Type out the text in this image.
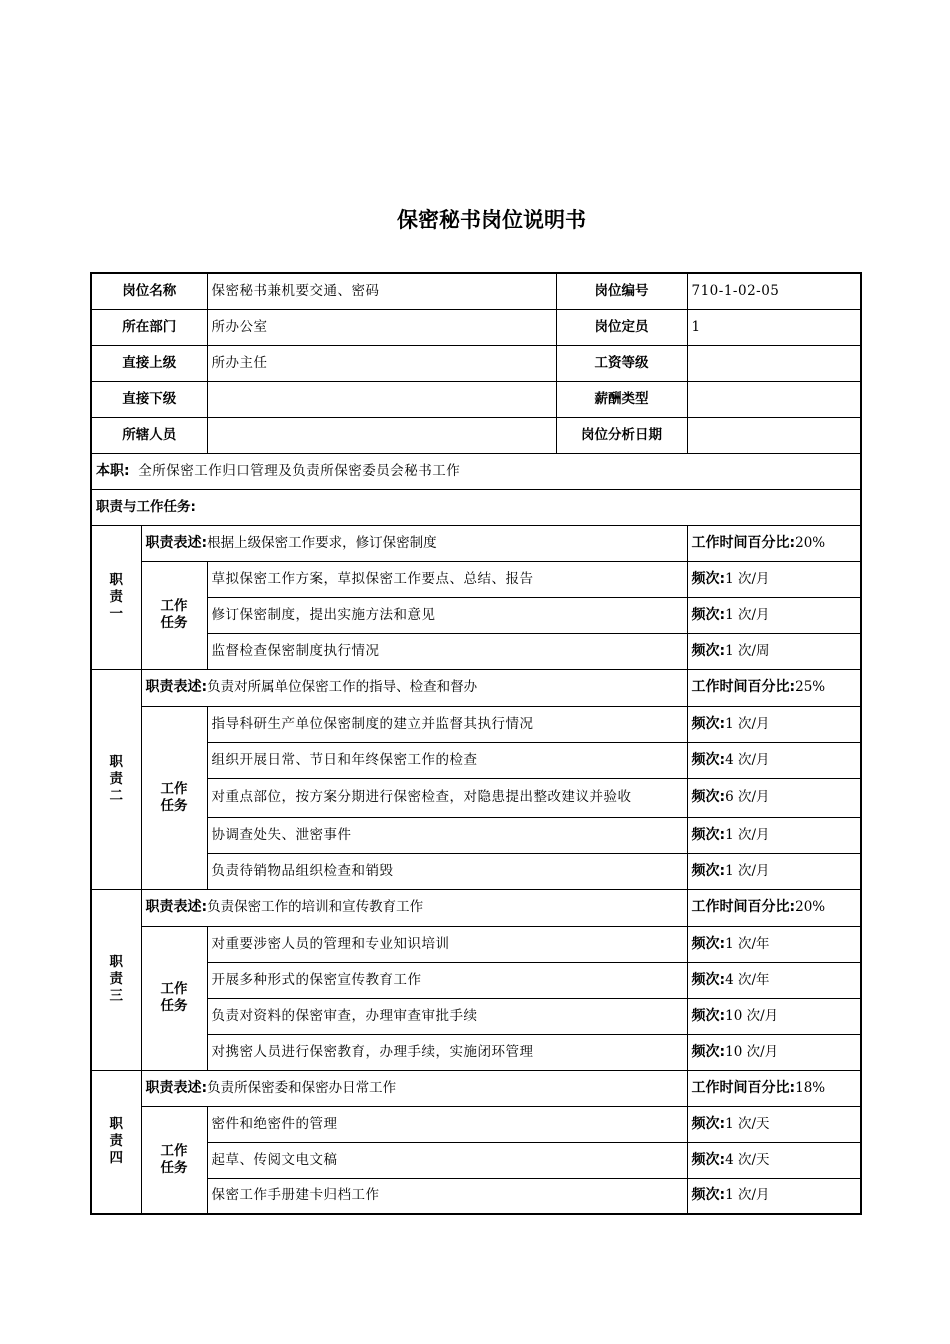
保密秘书岗位说明书
岗位名称		保密秘书兼机要交通、密码	岗位编号	710-1-02-05
所在部门		所办公室	岗位定员	1
直接上级		所办主任	工资等级	
直接下级			薪酬类型	
所辖人员			岗位分析日期	
本职: 全所保密工作归口管理及负责所保密委员会秘书工作				
职责与工作任务:				

职
责
一	职责表述:根据上级保密工作要求，修订保密制度			工作时间百分比:20%

	工作
任务	草拟保密工作方案，草拟保密工作要点、总结、报告		频次:1 次/月
		修订保密制度，提出实施方法和意见		频次:1 次/月
		监督检查保密制度执行情况		频次:1 次/周

职
责
二	职责表述:负责对所属单位保密工作的指导、检查和督办			工作时间百分比:25%

	工作
任务	指导科研生产单位保密制度的建立并监督其执行情况		频次:1 次/月
		组织开展日常、节日和年终保密工作的检查		频次:4 次/月
		对重点部位，按方案分期进行保密检查，对隐患提出整改建议并验收		频次:6 次/月
		协调查处失、泄密事件		频次:1 次/月
		负责待销物品组织检查和销毁		频次:1 次/月

职
责
三	职责表述:负责保密工作的培训和宣传教育工作			工作时间百分比:20%

	工作
任务	对重要涉密人员的管理和专业知识培训		频次:1 次/年
		开展多种形式的保密宣传教育工作		频次:4 次/年
		负责对资料的保密审查，办理审查审批手续		频次:10 次/月
		对携密人员进行保密教育，办理手续，实施闭环管理		频次:10 次/月

职
责
四	职责表述:负责所保密委和保密办日常工作			工作时间百分比:18%

	工作
任务	密件和绝密件的管理		频次:1 次/天
		起草、传阅文电文稿		频次:4 次/天
		保密工作手册建卡归档工作		频次:1 次/月
